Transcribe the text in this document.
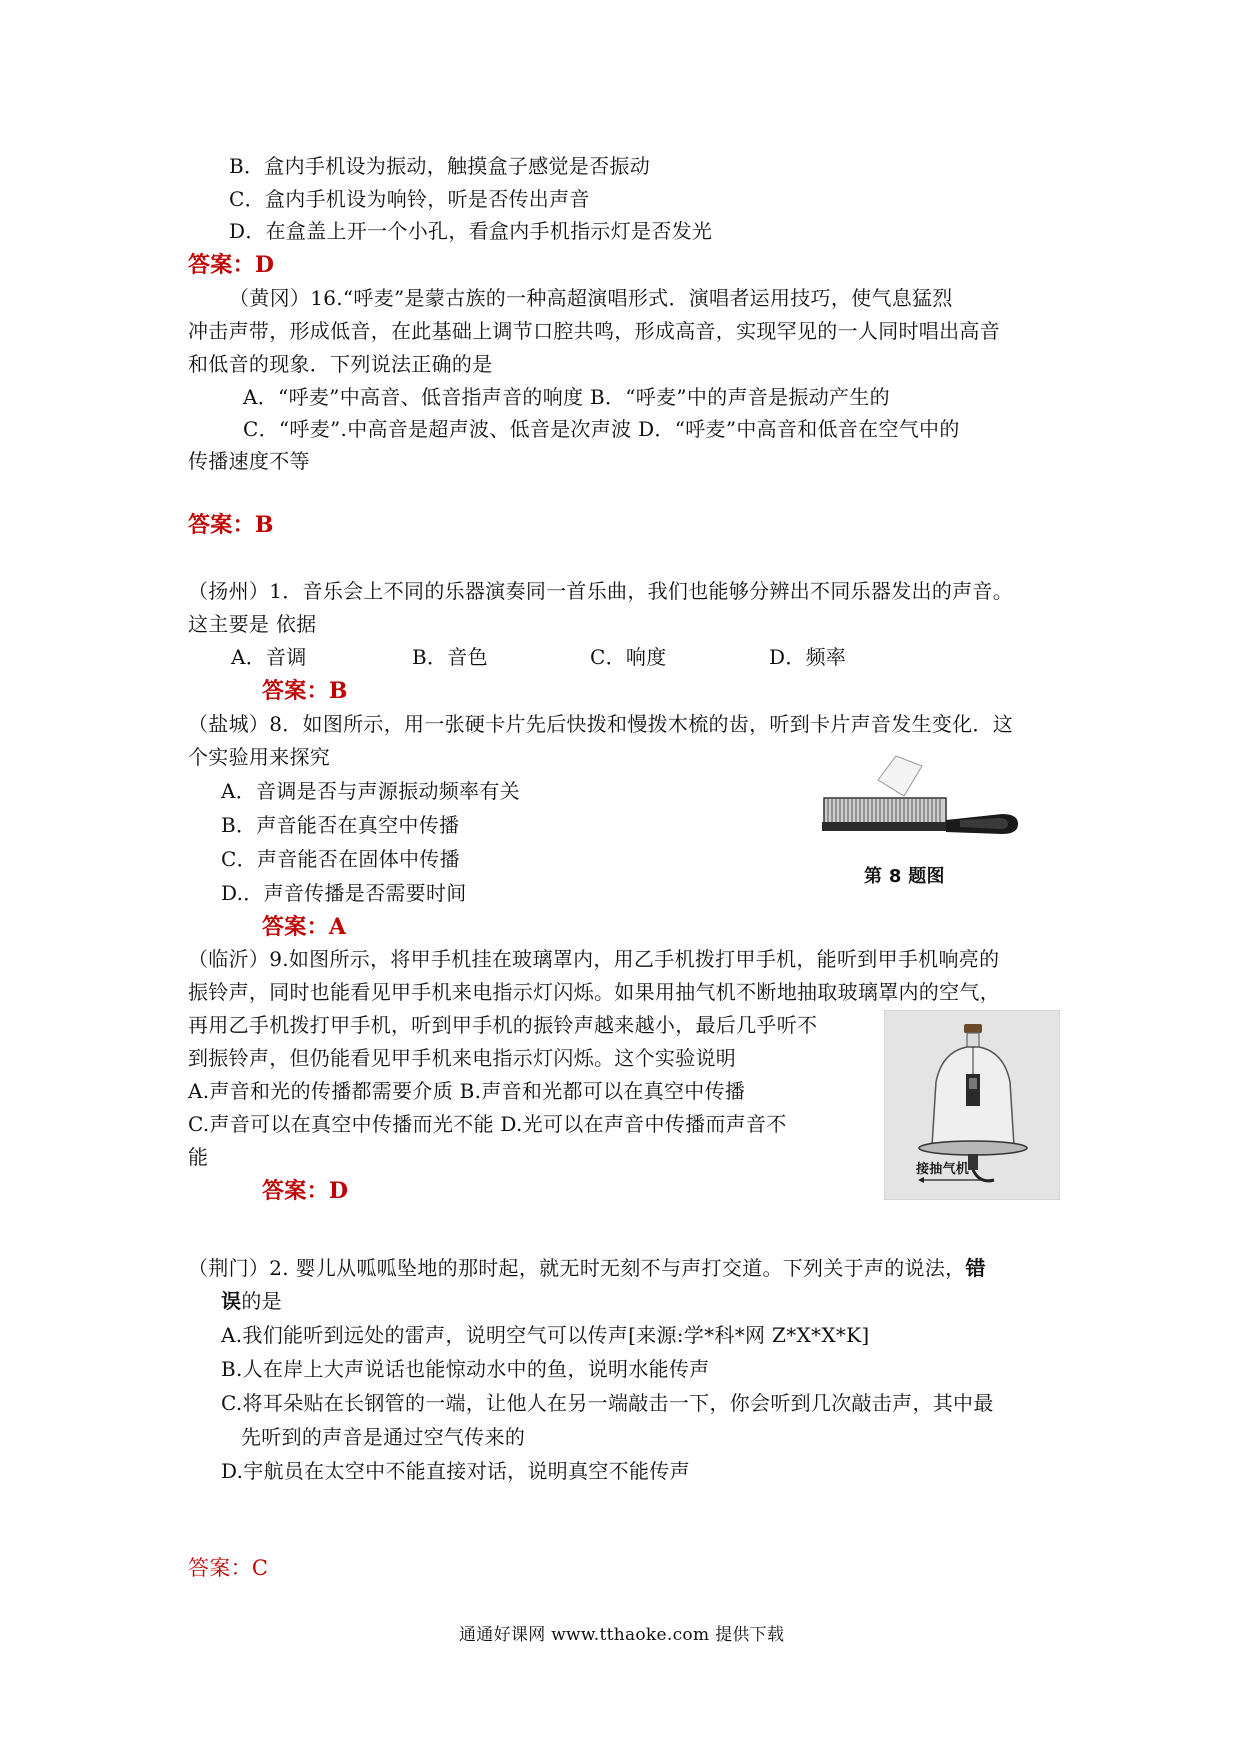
B．盒内手机设为振动，触摸盒子感觉是否振动
C．盒内手机设为响铃，听是否传出声音
D．在盒盖上开一个小孔，看盒内手机指示灯是否发光
答案：D
（黄冈）16.“呼麦”是蒙古族的一种高超演唱形式．演唱者运用技巧，使气息猛烈
冲击声带，形成低音，在此基础上调节口腔共鸣，形成高音，实现罕见的一人同时唱出高音
和低音的现象．下列说法正确的是
A．“呼麦”中高音、低音指声音的响度 B．“呼麦”中的声音是振动产生的
C．“呼麦”.中高音是超声波、低音是次声波 D．“呼麦”中高音和低音在空气中的
传播速度不等
答案：B
（扬州）1．音乐会上不同的乐器演奏同一首乐曲，我们也能够分辨出不同乐器发出的声音。
这主要是 依据
A．音调	B．音色	C．响度	D．频率
答案：B
（盐城）8．如图所示，用一张硬卡片先后快拨和慢拨木梳的齿，听到卡片声音发生变化．这
个实验用来探究
A．音调是否与声源振动频率有关
B．声音能否在真空中传播
C．声音能否在固体中传播
D.．声音传播是否需要时间
答案：A
第 8 题图
（临沂）9.如图所示，将甲手机挂在玻璃罩内，用乙手机拨打甲手机，能听到甲手机响亮的
振铃声，同时也能看见甲手机来电指示灯闪烁。如果用抽气机不断地抽取玻璃罩内的空气，
再用乙手机拨打甲手机，听到甲手机的振铃声越来越小，最后几乎听不
到振铃声，但仍能看见甲手机来电指示灯闪烁。这个实验说明
A.声音和光的传播都需要介质 B.声音和光都可以在真空中传播
C.声音可以在真空中传播而光不能 D.光可以在声音中传播而声音不
能
答案：D
接抽气机
（荆门）2. 婴儿从呱呱坠地的那时起，就无时无刻不与声打交道。下列关于声的说法，错
误的是
A.我们能听到远处的雷声，说明空气可以传声[来源:学*科*网 Z*X*X*K]
B.人在岸上大声说话也能惊动水中的鱼，说明水能传声
C.将耳朵贴在长钢管的一端，让他人在另一端敲击一下，你会听到几次敲击声，其中最
先听到的声音是通过空气传来的
D.宇航员在太空中不能直接对话，说明真空不能传声
答案：C
通通好课网 www.tthaoke.com 提供下载
